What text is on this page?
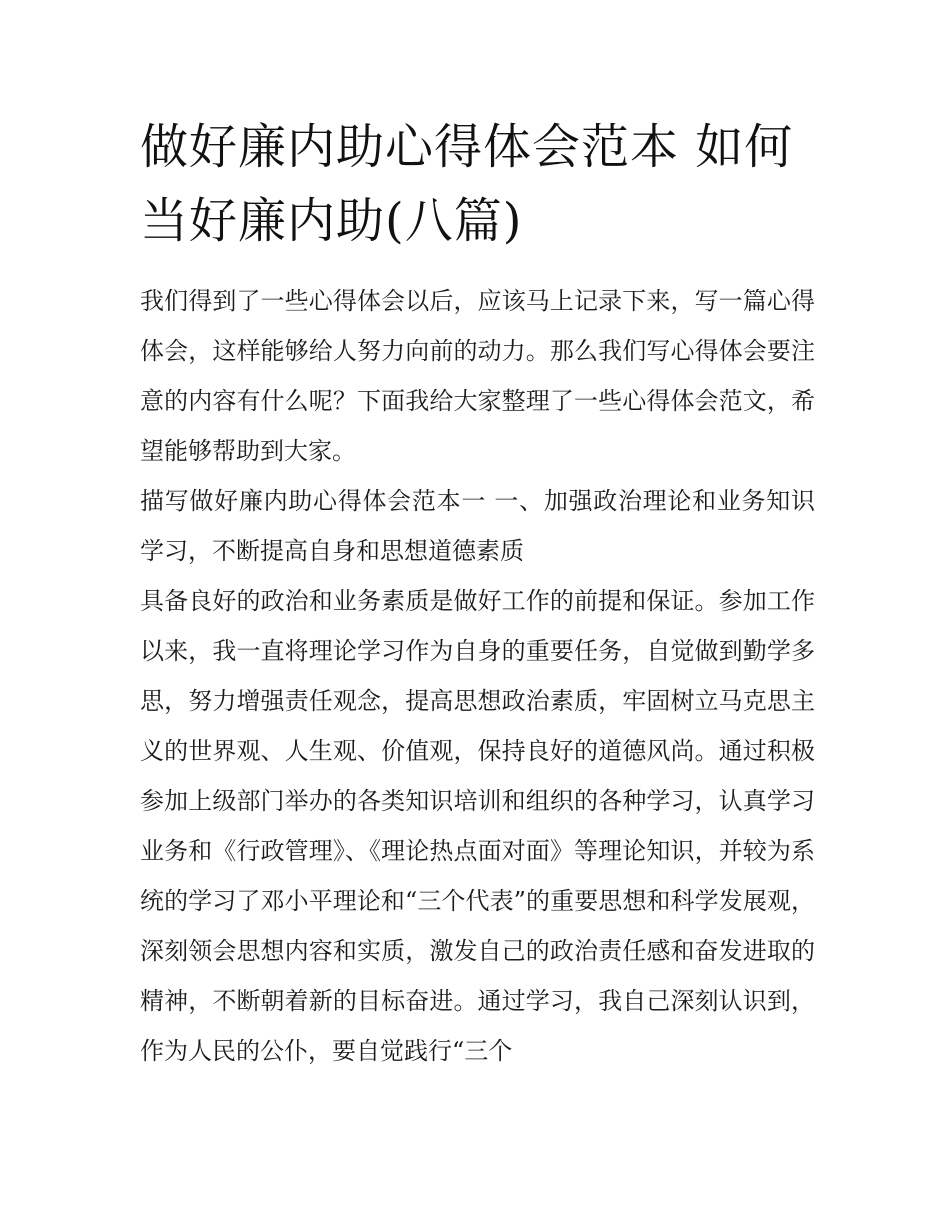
做好廉内助心得体会范本 如何当好廉内助(八篇)

我们得到了一些心得体会以后，应该马上记录下来，写一篇心得体会，这样能够给人努力向前的动力。那么我们写心得体会要注意的内容有什么呢？下面我给大家整理了一些心得体会范文，希望能够帮助到大家。

描写做好廉内助心得体会范本一 一、加强政治理论和业务知识学习，不断提高自身和思想道德素质

具备良好的政治和业务素质是做好工作的前提和保证。参加工作以来，我一直将理论学习作为自身的重要任务，自觉做到勤学多思，努力增强责任观念，提高思想政治素质，牢固树立马克思主义的世界观、人生观、价值观，保持良好的道德风尚。通过积极参加上级部门举办的各类知识培训和组织的各种学习，认真学习业务和《行政管理》、《理论热点面对面》等理论知识，并较为系统的学习了邓小平理论和“三个代表”的重要思想和科学发展观，深刻领会思想内容和实质，激发自己的政治责任感和奋发进取的精神，不断朝着新的目标奋进。通过学习，我自己深刻认识到，作为人民的公仆，要自觉践行“三个
